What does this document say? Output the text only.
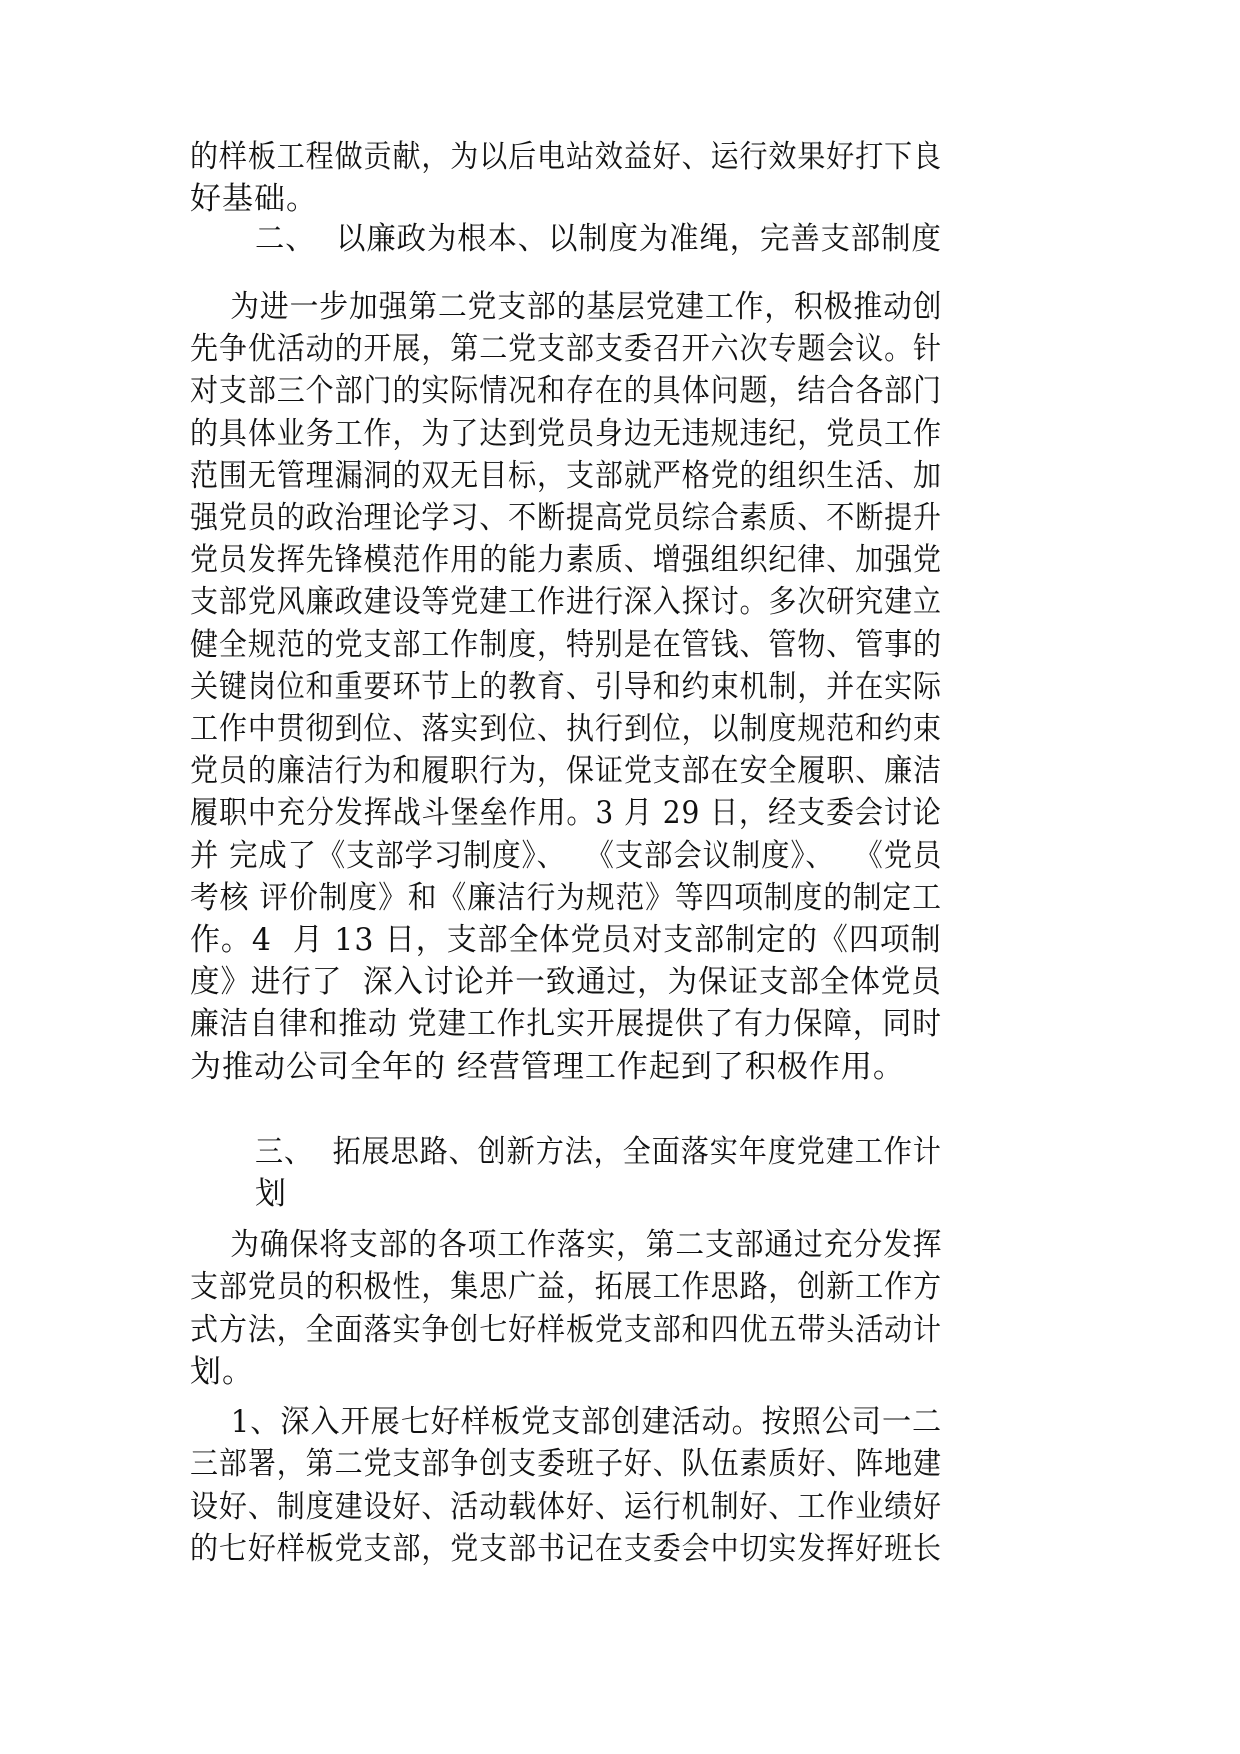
的样板工程做贡献，为以后电站效益好、运行效果好打下良
好基础。
二、  以廉政为根本、以制度为准绳，完善支部制度
为进一步加强第二党支部的基层党建工作，积极推动创
先争优活动的开展，第二党支部支委召开六次专题会议。针
对支部三个部门的实际情况和存在的具体问题，结合各部门
的具体业务工作，为了达到党员身边无违规违纪，党员工作
范围无管理漏洞的双无目标，支部就严格党的组织生活、加
强党员的政治理论学习、不断提高党员综合素质、不断提升
党员发挥先锋模范作用的能力素质、增强组织纪律、加强党
支部党风廉政建设等党建工作进行深入探讨。多次研究建立
健全规范的党支部工作制度，特别是在管钱、管物、管事的
关键岗位和重要环节上的教育、引导和约束机制，并在实际
工作中贯彻到位、落实到位、执行到位，以制度规范和约束
党员的廉洁行为和履职行为，保证党支部在安全履职、廉洁
履职中充分发挥战斗堡垒作用。3 月 29 日，经支委会讨论
并 完成了《支部学习制度》、  《支部会议制度》、  《党员
考核 评价制度》和《廉洁行为规范》等四项制度的制定工
作。4  月 13 日，支部全体党员对支部制定的《四项制
度》进行了  深入讨论并一致通过，为保证支部全体党员
廉洁自律和推动 党建工作扎实开展提供了有力保障，同时
为推动公司全年的 经营管理工作起到了积极作用。
三、  拓展思路、创新方法，全面落实年度党建工作计
划
为确保将支部的各项工作落实，第二支部通过充分发挥
支部党员的积极性，集思广益，拓展工作思路，创新工作方
式方法，全面落实争创七好样板党支部和四优五带头活动计
划。
1、深入开展七好样板党支部创建活动。按照公司一二
三部署，第二党支部争创支委班子好、队伍素质好、阵地建
设好、制度建设好、活动载体好、运行机制好、工作业绩好
的七好样板党支部，党支部书记在支委会中切实发挥好班长
